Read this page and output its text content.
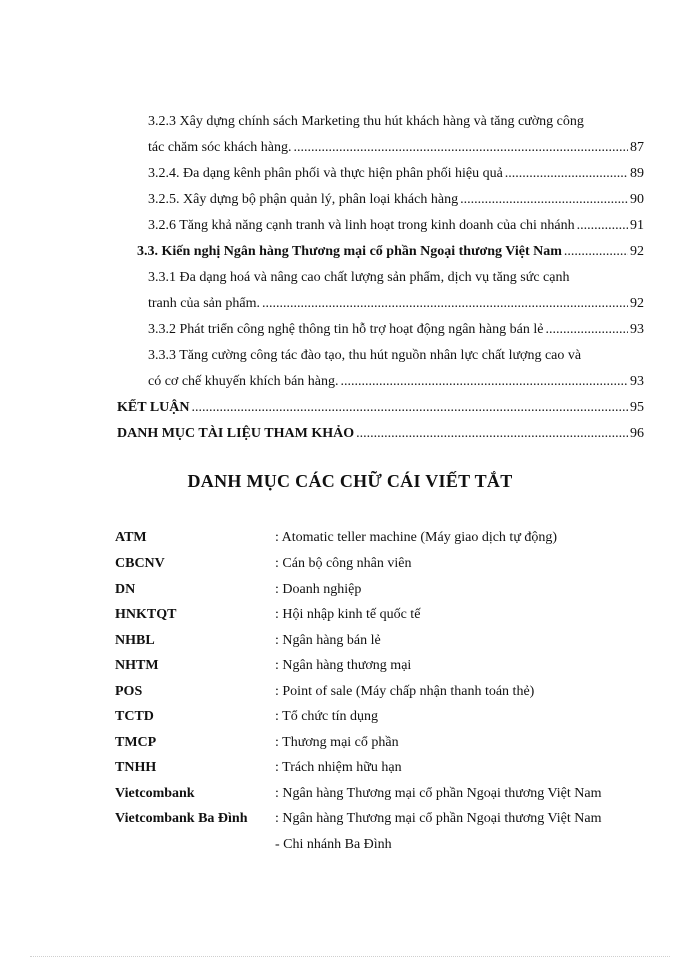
3.2.3 Xây dựng chính sách Marketing thu hút khách hàng và tăng cường công
tác chăm sóc khách hàng. .....	87
3.2.4. Đa dạng kênh phân phối và thực hiện phân phối hiệu quả .....	89
3.2.5. Xây dựng bộ phận quản lý, phân loại khách hàng .....	90
3.2.6 Tăng khả năng cạnh tranh và linh hoạt trong kinh doanh của chi nhánh .....	91
3.3. Kiến nghị Ngân hàng Thương mại cổ phần Ngoại thương Việt Nam .....	92
3.3.1 Đa dạng hoá và nâng cao chất lượng sản phẩm, dịch vụ tăng sức cạnh
tranh của sản phẩm. .....	92
3.3.2 Phát triển công nghệ thông tin hỗ trợ hoạt động ngân hàng bán lẻ .....	93
3.3.3 Tăng cường công tác đào tạo, thu hút nguồn nhân lực chất lượng cao và
có cơ chế khuyến khích bán hàng. .....	93
KẾT LUẬN .....	95
DANH MỤC TÀI LIỆU THAM KHẢO .....	96
DANH MỤC CÁC CHỮ CÁI VIẾT TẮT
ATM	: Atomatic teller machine (Máy giao dịch tự động)
CBCNV	: Cán bộ công nhân viên
DN	: Doanh nghiệp
HNKTQT	: Hội nhập kinh tế quốc tế
NHBL	: Ngân hàng bán lẻ
NHTM	: Ngân hàng thương mại
POS	: Point of sale (Máy chấp nhận thanh toán thẻ)
TCTD	: Tổ chức tín dụng
TMCP	: Thương mại cổ phần
TNHH	: Trách nhiệm hữu hạn
Vietcombank	: Ngân hàng Thương mại cổ phần Ngoại thương Việt Nam
Vietcombank Ba Đình : Ngân hàng Thương mại cổ phần Ngoại thương Việt Nam
- Chi nhánh Ba Đình
